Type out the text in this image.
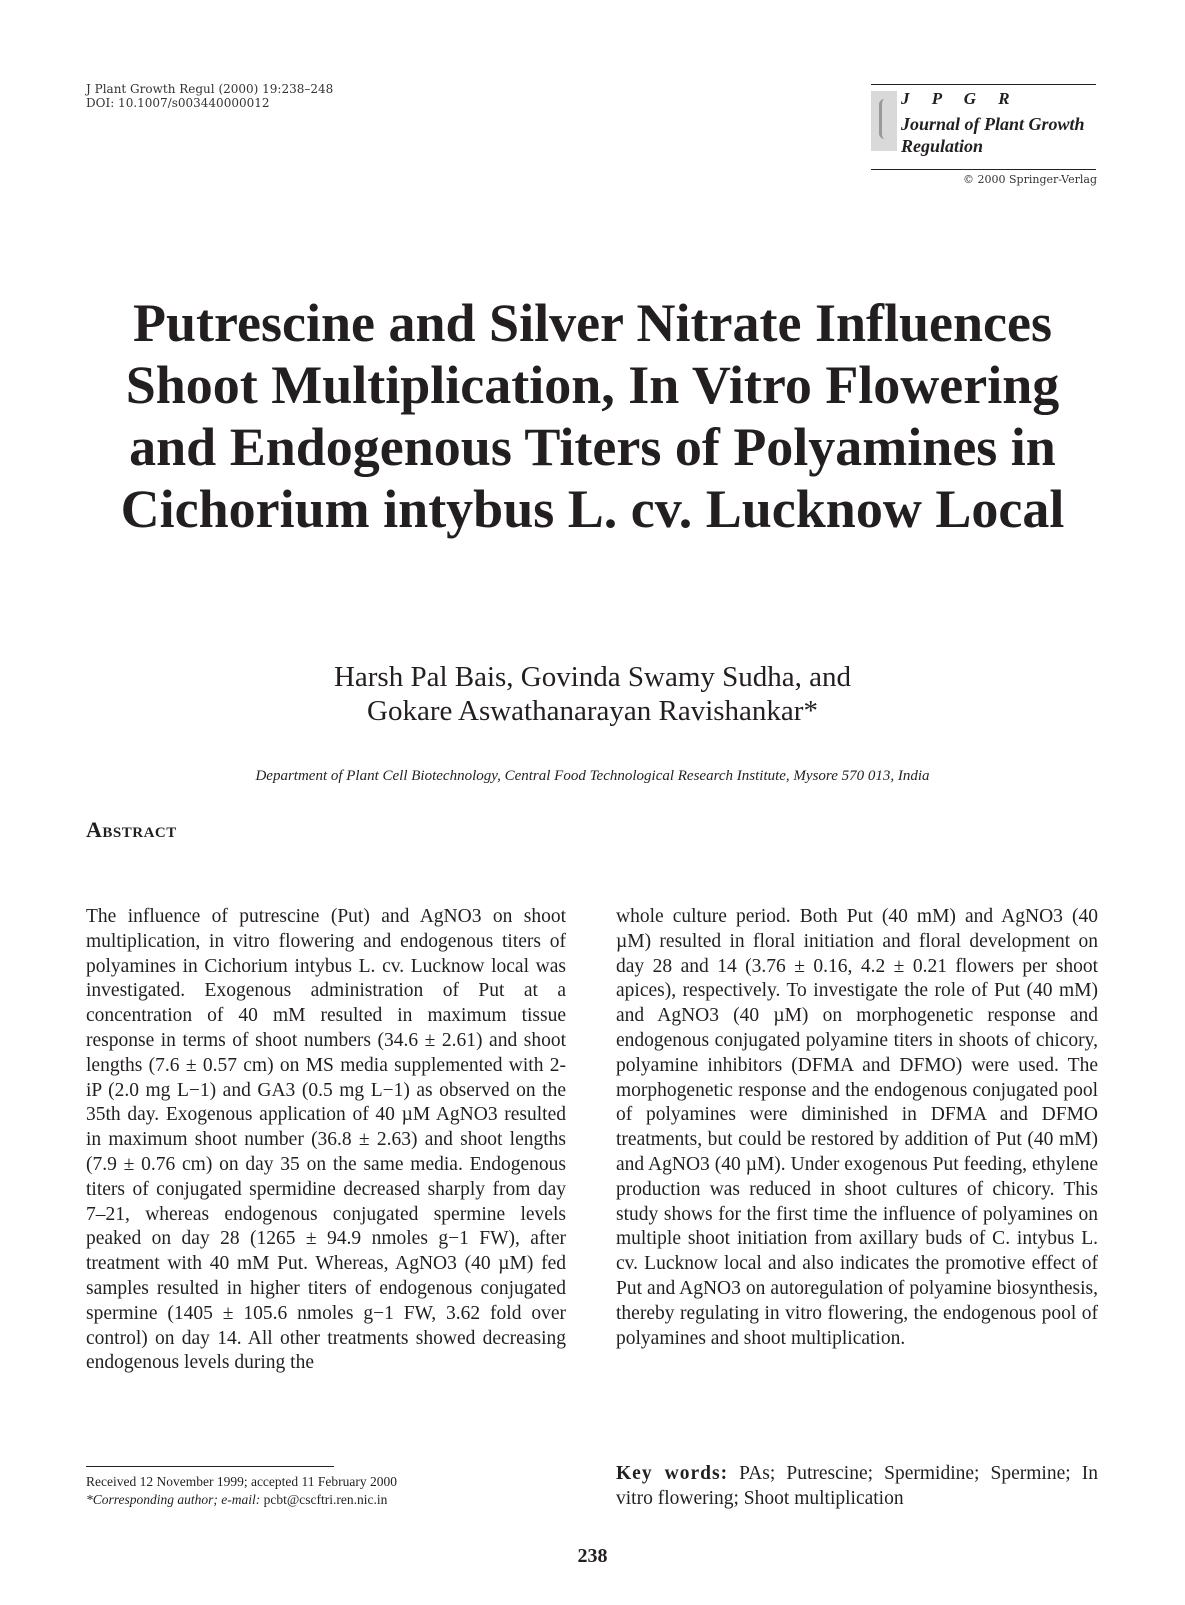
J Plant Growth Regul (2000) 19:238–248
DOI: 10.1007/s003440000012	J P G R
Journal of Plant Growth
Regulation
© 2000 Springer-Verlag
Putrescine and Silver Nitrate Influences Shoot Multiplication, In Vitro Flowering and Endogenous Titers of Polyamines in Cichorium intybus L. cv. Lucknow Local
Harsh Pal Bais, Govinda Swamy Sudha, and
Gokare Aswathanarayan Ravishankar*
Department of Plant Cell Biotechnology, Central Food Technological Research Institute, Mysore 570 013, India
Abstract
The influence of putrescine (Put) and AgNO3 on shoot multiplication, in vitro flowering and endogenous titers of polyamines in Cichorium intybus L. cv. Lucknow local was investigated. Exogenous administration of Put at a concentration of 40 mM resulted in maximum tissue response in terms of shoot numbers (34.6 ± 2.61) and shoot lengths (7.6 ± 0.57 cm) on MS media supplemented with 2-iP (2.0 mg L−1) and GA3 (0.5 mg L−1) as observed on the 35th day. Exogenous application of 40 µM AgNO3 resulted in maximum shoot number (36.8 ± 2.63) and shoot lengths (7.9 ± 0.76 cm) on day 35 on the same media. Endogenous titers of conjugated spermidine decreased sharply from day 7–21, whereas endogenous conjugated spermine levels peaked on day 28 (1265 ± 94.9 nmoles g−1 FW), after treatment with 40 mM Put. Whereas, AgNO3 (40 µM) fed samples resulted in higher titers of endogenous conjugated spermine (1405 ± 105.6 nmoles g−1 FW, 3.62 fold over control) on day 14. All other treatments showed decreasing endogenous levels during the
whole culture period. Both Put (40 mM) and AgNO3 (40 µM) resulted in floral initiation and floral development on day 28 and 14 (3.76 ± 0.16, 4.2 ± 0.21 flowers per shoot apices), respectively. To investigate the role of Put (40 mM) and AgNO3 (40 µM) on morphogenetic response and endogenous conjugated polyamine titers in shoots of chicory, polyamine inhibitors (DFMA and DFMO) were used. The morphogenetic response and the endogenous conjugated pool of polyamines were diminished in DFMA and DFMO treatments, but could be restored by addition of Put (40 mM) and AgNO3 (40 µM). Under exogenous Put feeding, ethylene production was reduced in shoot cultures of chicory. This study shows for the first time the influence of polyamines on multiple shoot initiation from axillary buds of C. intybus L. cv. Lucknow local and also indicates the promotive effect of Put and AgNO3 on autoregulation of polyamine biosynthesis, thereby regulating in vitro flowering, the endogenous pool of polyamines and shoot multiplication.
Key words: PAs; Putrescine; Spermidine; Spermine; In vitro flowering; Shoot multiplication
Received 12 November 1999; accepted 11 February 2000
*Corresponding author; e-mail: pcbt@cscftri.ren.nic.in
238
